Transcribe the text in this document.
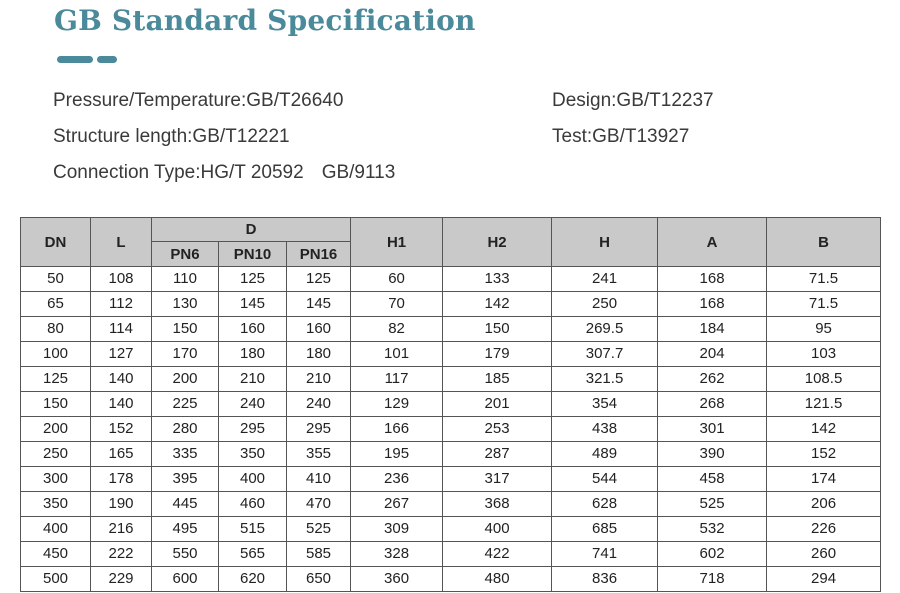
GB Standard Specification
Pressure/Temperature:GB/T26640	Design:GB/T12237
Structure length:GB/T12221	Test:GB/T13927
Connection Type:HG/T 20592 GB/9113
DN	L	D			H1	H2	H	A	B
		PN6	PN10	PN16					
50	108	110	125	125	60	133	241	168	71.5
65	112	130	145	145	70	142	250	168	71.5
80	114	150	160	160	82	150	269.5	184	95
100	127	170	180	180	101	179	307.7	204	103
125	140	200	210	210	117	185	321.5	262	108.5
150	140	225	240	240	129	201	354	268	121.5
200	152	280	295	295	166	253	438	301	142
250	165	335	350	355	195	287	489	390	152
300	178	395	400	410	236	317	544	458	174
350	190	445	460	470	267	368	628	525	206
400	216	495	515	525	309	400	685	532	226
450	222	550	565	585	328	422	741	602	260
500	229	600	620	650	360	480	836	718	294
